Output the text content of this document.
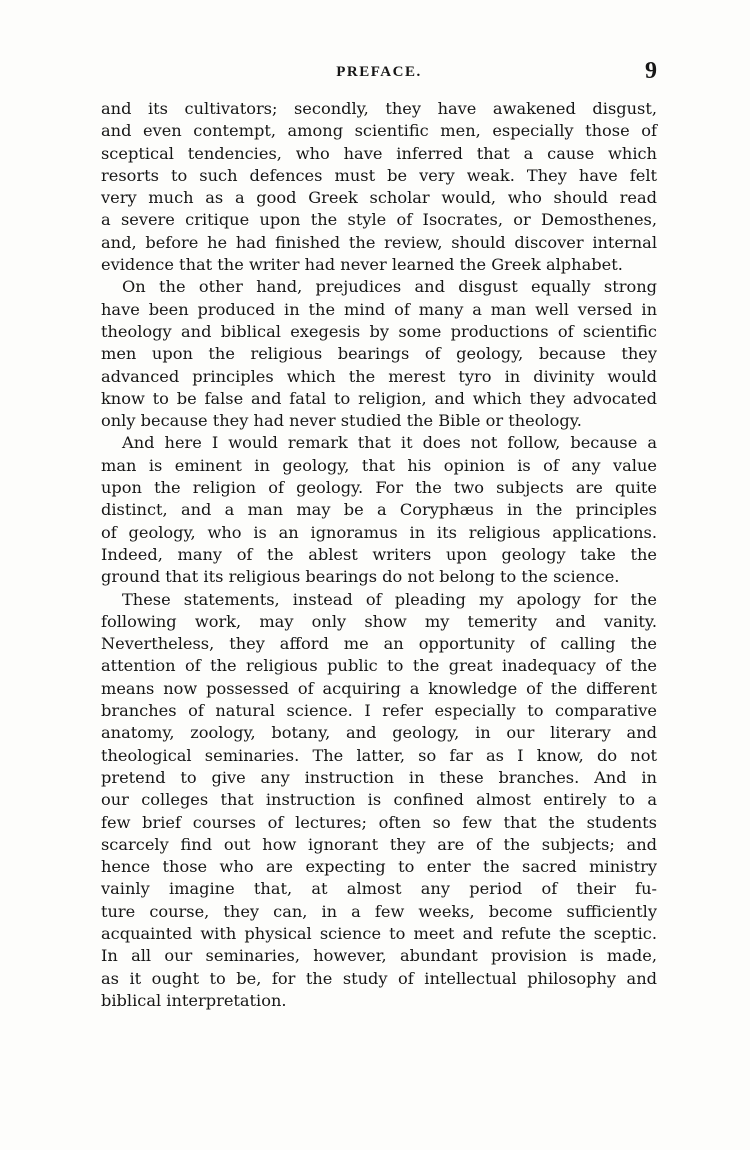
PREFACE.	9
and its cultivators; secondly, they have awakened disgust,
and even contempt, among scientific men, especially those of
sceptical tendencies, who have inferred that a cause which
resorts to such defences must be very weak. They have felt
very much as a good Greek scholar would, who should read
a severe critique upon the style of Isocrates, or Demosthenes,
and, before he had finished the review, should discover internal
evidence that the writer had never learned the Greek alphabet.
On the other hand, prejudices and disgust equally strong
have been produced in the mind of many a man well versed in
theology and biblical exegesis by some productions of scientific
men upon the religious bearings of geology, because they
advanced principles which the merest tyro in divinity would
know to be false and fatal to religion, and which they advocated
only because they had never studied the Bible or theology.
And here I would remark that it does not follow, because a
man is eminent in geology, that his opinion is of any value
upon the religion of geology. For the two subjects are quite
distinct, and a man may be a Coryphæus in the principles
of geology, who is an ignoramus in its religious applications.
Indeed, many of the ablest writers upon geology take the
ground that its religious bearings do not belong to the science.
These statements, instead of pleading my apology for the
following work, may only show my temerity and vanity.
Nevertheless, they afford me an opportunity of calling the
attention of the religious public to the great inadequacy of the
means now possessed of acquiring a knowledge of the different
branches of natural science. I refer especially to comparative
anatomy, zoology, botany, and geology, in our literary and
theological seminaries. The latter, so far as I know, do not
pretend to give any instruction in these branches. And in
our colleges that instruction is confined almost entirely to a
few brief courses of lectures; often so few that the students
scarcely find out how ignorant they are of the subjects; and
hence those who are expecting to enter the sacred ministry
vainly imagine that, at almost any period of their fu-
ture course, they can, in a few weeks, become sufficiently
acquainted with physical science to meet and refute the sceptic.
In all our seminaries, however, abundant provision is made,
as it ought to be, for the study of intellectual philosophy and
biblical interpretation.
